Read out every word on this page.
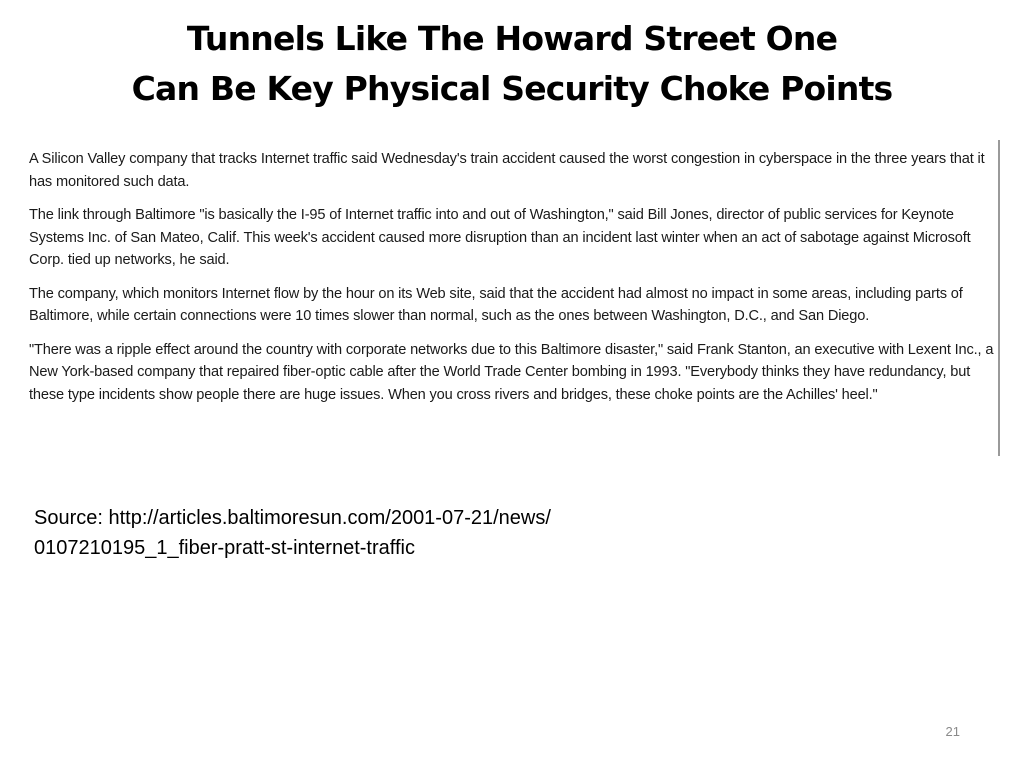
Tunnels Like The Howard Street One
Can Be Key Physical Security Choke Points

A Silicon Valley company that tracks Internet traffic said Wednesday's train accident caused the worst congestion in cyberspace in the three years that it has monitored such data.

The link through Baltimore "is basically the I-95 of Internet traffic into and out of Washington," said Bill Jones, director of public services for Keynote Systems Inc. of San Mateo, Calif. This week's accident caused more disruption than an incident last winter when an act of sabotage against Microsoft Corp. tied up networks, he said.

The company, which monitors Internet flow by the hour on its Web site, said that the accident had almost no impact in some areas, including parts of Baltimore, while certain connections were 10 times slower than normal, such as the ones between Washington, D.C., and San Diego.

"There was a ripple effect around the country with corporate networks due to this Baltimore disaster," said Frank Stanton, an executive with Lexent Inc., a New York-based company that repaired fiber-optic cable after the World Trade Center bombing in 1993. "Everybody thinks they have redundancy, but these type incidents show people there are huge issues. When you cross rivers and bridges, these choke points are the Achilles' heel."

Source: http://articles.baltimoresun.com/2001-07-21/news/
0107210195_1_fiber-pratt-st-internet-traffic
21
